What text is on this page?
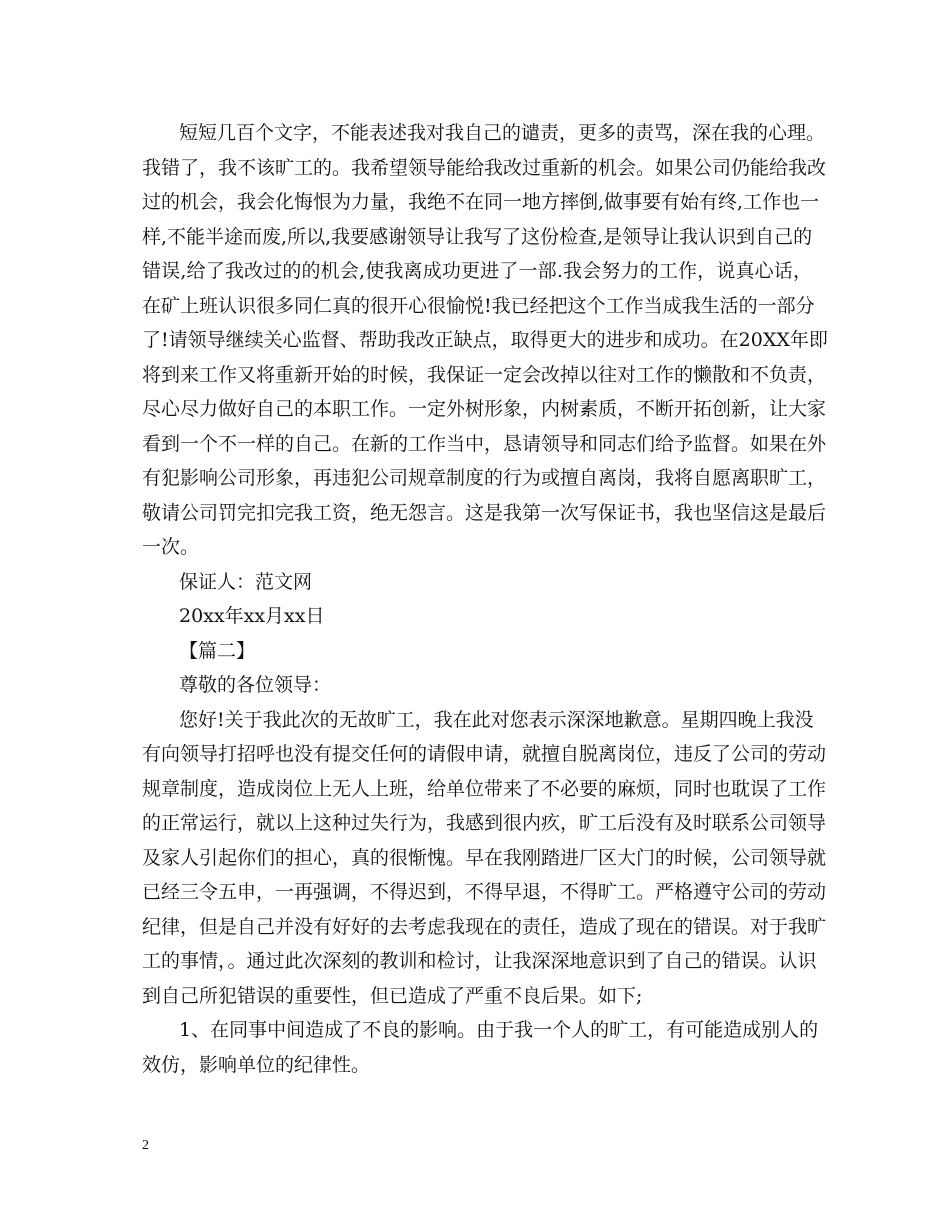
短短几百个文字，不能表述我对我自己的谴责，更多的责骂，深在我的心理。
我错了，我不该旷工的。我希望领导能给我改过重新的机会。如果公司仍能给我改
过的机会，我会化悔恨为力量，我绝不在同一地方摔倒,做事要有始有终,工作也一
样,不能半途而废,所以,我要感谢领导让我写了这份检查,是领导让我认识到自己的
错误,给了我改过的的机会,使我离成功更进了一部.我会努力的工作，说真心话，
在矿上班认识很多同仁真的很开心很愉悦!我已经把这个工作当成我生活的一部分
了!请领导继续关心监督、帮助我改正缺点，取得更大的进步和成功。在20XX年即
将到来工作又将重新开始的时候，我保证一定会改掉以往对工作的懒散和不负责，
尽心尽力做好自己的本职工作。一定外树形象，内树素质，不断开拓创新，让大家
看到一个不一样的自己。在新的工作当中，恳请领导和同志们给予监督。如果在外
有犯影响公司形象，再违犯公司规章制度的行为或擅自离岗，我将自愿离职旷工，
敬请公司罚完扣完我工资，绝无怨言。这是我第一次写保证书，我也坚信这是最后
一次。
保证人：范文网
20xx年xx月xx日
【篇二】
尊敬的各位领导：
您好!关于我此次的无故旷工，我在此对您表示深深地歉意。星期四晚上我没
有向领导打招呼也没有提交任何的请假申请，就擅自脱离岗位，违反了公司的劳动
规章制度，造成岗位上无人上班，给单位带来了不必要的麻烦，同时也耽误了工作
的正常运行，就以上这种过失行为，我感到很内疚，旷工后没有及时联系公司领导
及家人引起你们的担心，真的很惭愧。早在我刚踏进厂区大门的时候，公司领导就
已经三令五申，一再强调，不得迟到，不得早退，不得旷工。严格遵守公司的劳动
纪律，但是自己并没有好好的去考虑我现在的责任，造成了现在的错误。对于我旷
工的事情，。通过此次深刻的教训和检讨，让我深深地意识到了自己的错误。认识
到自己所犯错误的重要性，但已造成了严重不良后果。如下;
1、在同事中间造成了不良的影响。由于我一个人的旷工，有可能造成别人的
效仿，影响单位的纪律性。
2
